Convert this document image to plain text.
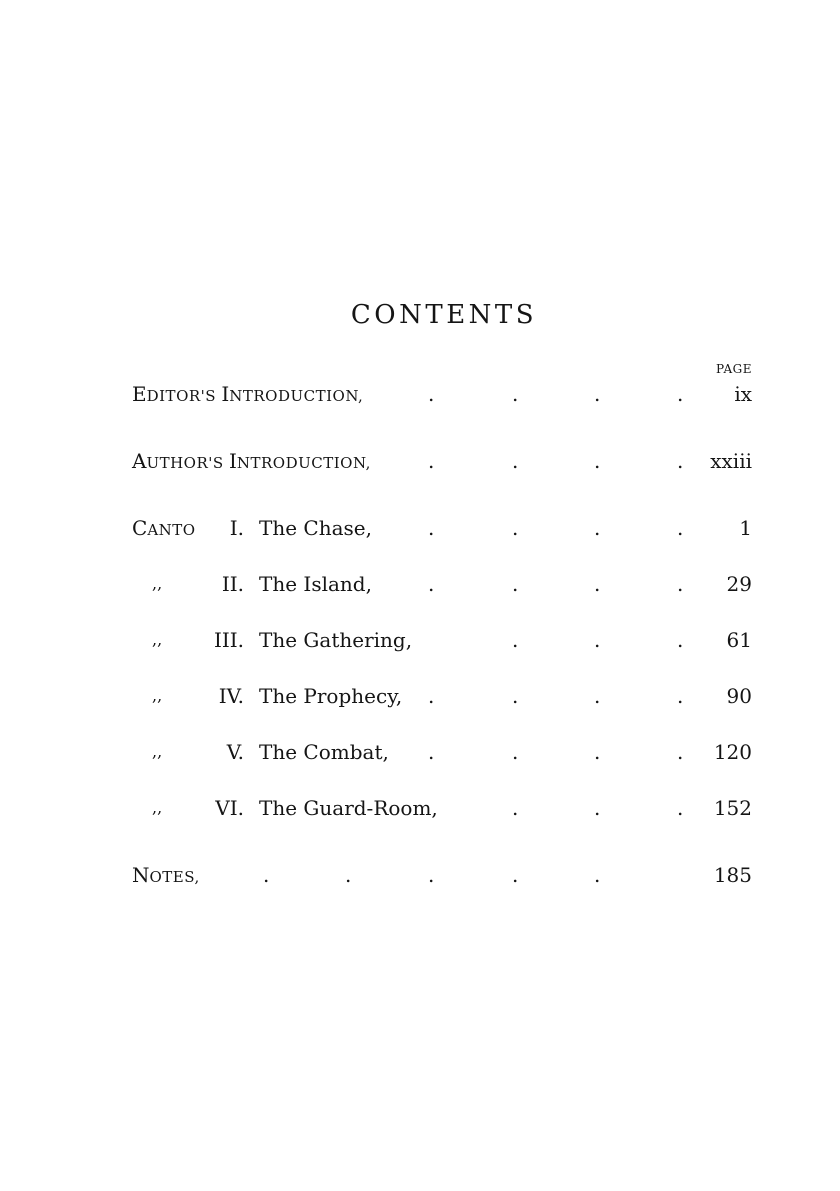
CONTENTS
PAGE
EDITOR'S INTRODUCTION,	.	.	.	.	ix
AUTHOR'S INTRODUCTION,	.	.	.	. xxiii
CANTO I. The Chase,	.	.	.	.	1
,,	II. The Island,	.	.	.	. 29
,,	III. The Gathering,	.	.	. 61
,,	IV. The Prophecy, .	.	.	. 90
,,	V. The Combat, .	.	.	. 120
,,	VI. The Guard-Room,	.	.	. 152
NOTES,	.	.	.	.	.	185
